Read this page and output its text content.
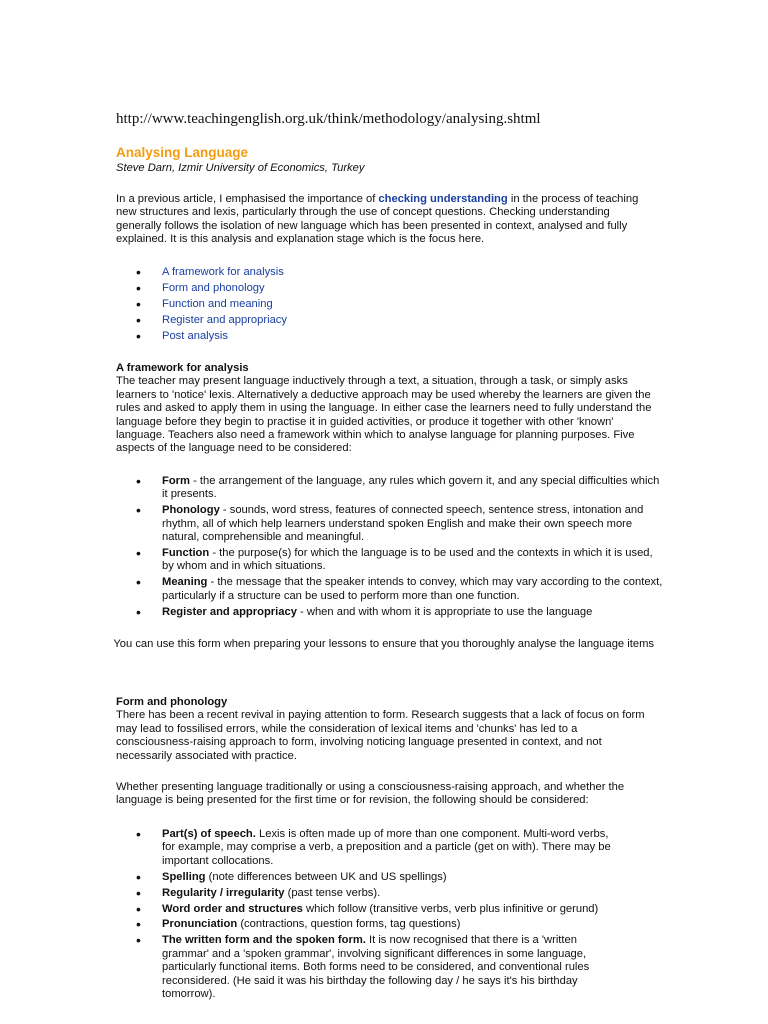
http://www.teachingenglish.org.uk/think/methodology/analysing.shtml
Analysing Language
Steve Darn, Izmir University of Economics, Turkey

In a previous article, I emphasised the importance of checking understanding in the process of teaching new structures and lexis, particularly through the use of concept questions. Checking understanding generally follows the isolation of new language which has been presented in context, analysed and fully explained. It is this analysis and explanation stage which is the focus here.

• A framework for analysis
• Form and phonology
• Function and meaning
• Register and appropriacy
• Post analysis
A framework for analysis

The teacher may present language inductively through a text, a situation, through a task, or simply asks learners to 'notice' lexis. Alternatively a deductive approach may be used whereby the learners are given the rules and asked to apply them in using the language. In either case the learners need to fully understand the language before they begin to practise it in guided activities, or produce it together with other 'known' language. Teachers also need a framework within which to analyse language for planning purposes. Five aspects of the language need to be considered:

• Form - the arrangement of the language, any rules which govern it, and any special difficulties which it presents.
• Phonology - sounds, word stress, features of connected speech, sentence stress, intonation and rhythm, all of which help learners understand spoken English and make their own speech more natural, comprehensible and meaningful.
• Function - the purpose(s) for which the language is to be used and the contexts in which it is used, by whom and in which situations.
• Meaning - the message that the speaker intends to convey, which may vary according to the context, particularly if a structure can be used to perform more than one function.
• Register and appropriacy - when and with whom it is appropriate to use the language

You can use this form when preparing your lessons to ensure that you thoroughly analyse the language items

Form and phonology

There has been a recent revival in paying attention to form. Research suggests that a lack of focus on form may lead to fossilised errors, while the consideration of lexical items and 'chunks' has led to a consciousness-raising approach to form, involving noticing language presented in context, and not necessarily associated with practice.

Whether presenting language traditionally or using a consciousness-raising approach, and whether the language is being presented for the first time or for revision, the following should be considered:

• Part(s) of speech. Lexis is often made up of more than one component. Multi-word verbs, for example, may comprise a verb, a preposition and a particle (get on with). There may be important collocations.
• Spelling (note differences between UK and US spellings)
• Regularity / irregularity (past tense verbs).
• Word order and structures which follow (transitive verbs, verb plus infinitive or gerund)
• Pronunciation (contractions, question forms, tag questions)
• The written form and the spoken form. It is now recognised that there is a 'written grammar' and a 'spoken grammar', involving significant differences in some language, particularly functional items. Both forms need to be considered, and conventional rules reconsidered. (He said it was his birthday the following day / he says it's his birthday tomorrow).
